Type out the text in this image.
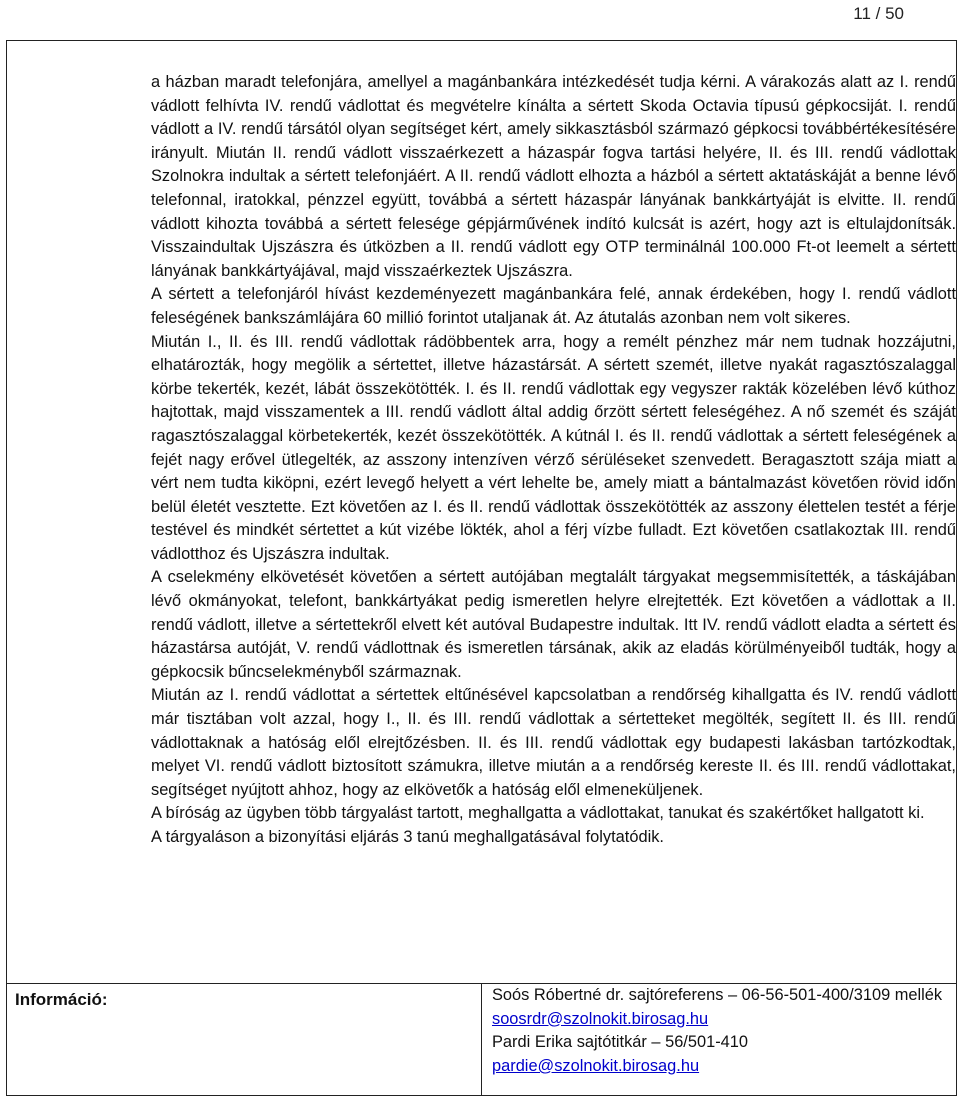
11 / 50

a házban maradt telefonjára, amellyel a magánbankára intézkedését tudja kérni. A várakozás alatt az I. rendű vádlott felhívta IV. rendű vádlottat és megvételre kínálta a sértett Skoda Octavia típusú gépkocsiját. I. rendű vádlott a IV. rendű társától olyan segítséget kért, amely sikkasztásból származó gépkocsi továbbértékesítésére irányult. Miután II. rendű vádlott visszaérkezett a házaspár fogva tartási helyére, II. és III. rendű vádlottak Szolnokra indultak a sértett telefonjáért. A II. rendű vádlott elhozta a házból a sértett aktatáskáját a benne lévő telefonnal, iratokkal, pénzzel együtt, továbbá a sértett házaspár lányának bankkártyáját is elvitte. II. rendű vádlott kihozta továbbá a sértett felesége gépjárművének indító kulcsát is azért, hogy azt is eltulajdonítsák. Visszaindultak Ujszászra és útközben a II. rendű vádlott egy OTP terminálnál 100.000 Ft-ot leemelt a sértett lányának bankkártyájával, majd visszaérkeztek Ujszászra.

A sértett a telefonjáról hívást kezdeményezett magánbankára felé, annak érdekében, hogy I. rendű vádlott feleségének bankszámlájára 60 millió forintot utaljanak át. Az átutalás azonban nem volt sikeres.

Miután I., II. és III. rendű vádlottak rádöbbentek arra, hogy a remélt pénzhez már nem tudnak hozzájutni, elhatározták, hogy megölik a sértettet, illetve házastársát. A sértett szemét, illetve nyakát ragasztószalaggal körbe tekerték, kezét, lábát összekötötték. I. és II. rendű vádlottak egy vegyszer rakták közelében lévő kúthoz hajtottak, majd visszamentek a III. rendű vádlott által addig őrzött sértett feleségéhez. A nő szemét és száját ragasztószalaggal körbetekerték, kezét összekötötték. A kútnál I. és II. rendű vádlottak a sértett feleségének a fejét nagy erővel ütlegelték, az asszony intenzíven vérző sérüléseket szenvedett. Beragasztott szája miatt a vért nem tudta kiköpni, ezért levegő helyett a vért lehelte be, amely miatt a bántalmazást követően rövid időn belül életét vesztette. Ezt követően az I. és II. rendű vádlottak összekötötték az asszony élettelen testét a férje testével és mindkét sértettet a kút vizébe lökték, ahol a férj vízbe fulladt. Ezt követően csatlakoztak III. rendű vádlotthoz és Ujszászra indultak.

A cselekmény elkövetését követően a sértett autójában megtalált tárgyakat megsemmisítették, a táskájában lévő okmányokat, telefont, bankkártyákat pedig ismeretlen helyre elrejtették. Ezt követően a vádlottak a II. rendű vádlott, illetve a sértettekről elvett két autóval Budapestre indultak. Itt IV. rendű vádlott eladta a sértett és házastársa autóját, V. rendű vádlottnak és ismeretlen társának, akik az eladás körülményeiből tudták, hogy a gépkocsik bűncselekményből származnak.

Miután az I. rendű vádlottat a sértettek eltűnésével kapcsolatban a rendőrség kihallgatta és IV. rendű vádlott már tisztában volt azzal, hogy I., II. és III. rendű vádlottak a sértetteket megölték, segített II. és III. rendű vádlottaknak a hatóság elől elrejtőzésben. II. és III. rendű vádlottak egy budapesti lakásban tartózkodtak, melyet VI. rendű vádlott biztosított számukra, illetve miután a a rendőrség kereste II. és III. rendű vádlottakat, segítséget nyújtott ahhoz, hogy az elkövetők a hatóság elől elmeneküljenek.

A bíróság az ügyben több tárgyalást tartott, meghallgatta a vádlottakat, tanukat és szakértőket hallgatott ki.

A tárgyaláson a bizonyítási eljárás 3 tanú meghallgatásával folytatódik.

Információ:	Soós Róbertné dr. sajtóreferens – 06-56-501-400/3109 mellék
soosrdr@szolnokit.birosag.hu
Pardi Erika sajtótitkár – 56/501-410
pardie@szolnokit.birosag.hu
